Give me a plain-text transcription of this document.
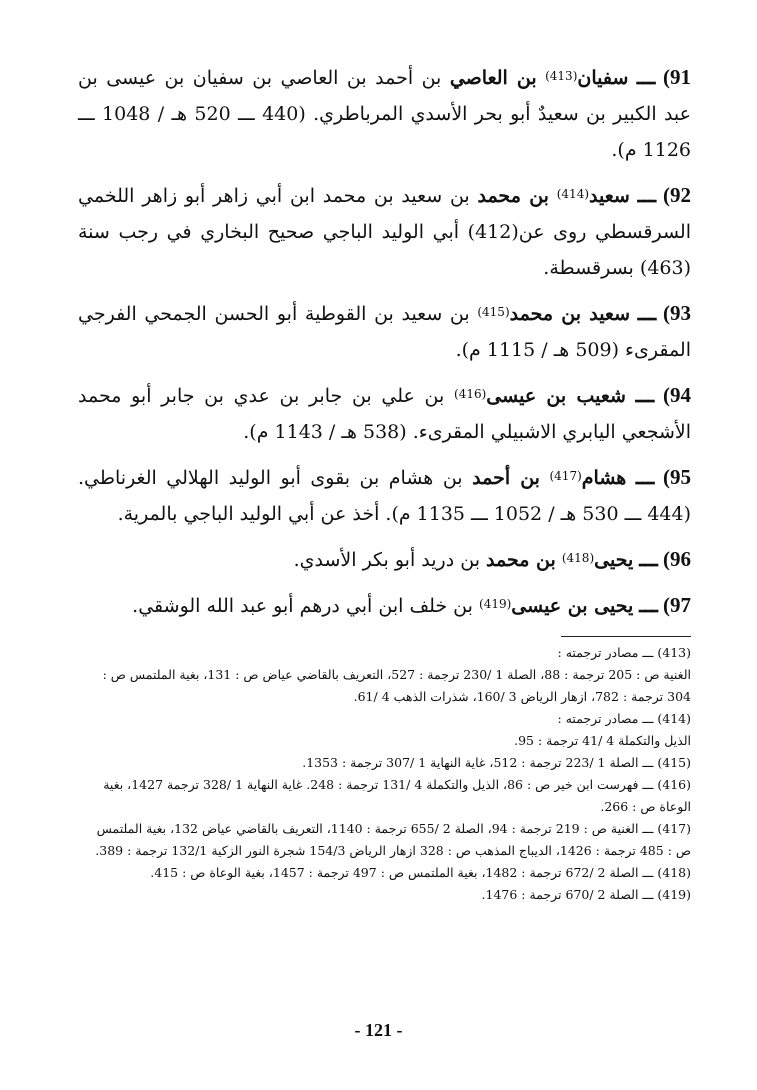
91) ـــ سفيان$^{(413)}$ بن العاصي بن أحمد بن العاصي بن سفيان بن عيسى بن عبد الكبير بن سعيدٌ أبو بحر الأسدي المرباطري. (440 ـــ 520 هـ / 1048 ـــ 1126 م).

92) ـــ سعيد$^{(414)}$ بن محمد بن سعيد بن محمد ابن أبي زاهر أبو زاهر اللخمي السرقسطي روى عن(412) أبي الوليد الباجي صحيح البخاري في رجب سنة (463) بسرقسطة.

93) ـــ سعيد بن محمد$^{(415)}$ بن سعيد بن القوطية أبو الحسن الجمحي الفرجي المقرىء (509 هـ / 1115 م).

94) ـــ شعيب بن عيسى$^{(416)}$ بن علي بن جابر بن عدي بن جابر أبو محمد الأشجعي اليابري الاشبيلي المقرىء. (538 هـ / 1143 م).

95) ـــ هشام$^{(417)}$ بن أحمد بن هشام بن بقوى أبو الوليد الهلالي الغرناطي. (444 ـــ 530 هـ / 1052 ـــ 1135 م). أخذ عن أبي الوليد الباجي بالمرية.

96) ـــ يحيى$^{(418)}$ بن محمد بن دريد أبو بكر الأسدي.

97) ـــ يحيى بن عيسى$^{(419)}$ بن خلف ابن أبي درهم أبو عبد الله الوشقي.

(413) ـــ مصادر ترجمته :

الغنية ص : 205 ترجمة : 88، الصلة 1 /230 ترجمة : 527، التعريف بالقاضي عياض ص : 131، بغية الملتمس ص : 304 ترجمة : 782، ازهار الرياض 3 /160، شذرات الذهب 4 /61.

(414) ـــ مصادر ترجمته :

الذيل والتكملة 4 /41 ترجمة : 95.

(415) ـــ الصلة 1 /223 ترجمة : 512، غاية النهاية 1 /307 ترجمة : 1353.

(416) ـــ فهرست ابن خير ص : 86، الذيل والتكملة 4 /131 ترجمة : 248. غاية النهاية 1 /328 ترجمة 1427، بغية الوعاة ص : 266.

(417) ـــ الغنية ص : 219 ترجمة : 94، الصلة 2 /655 ترجمة : 1140، التعريف بالقاضي عياض 132، بغية الملتمس ص : 485 ترجمة : 1426، الديباج المذهب ص : 328 ازهار الرياض 154/3 شجرة النور الزكية 132/1 ترجمة : 389.

(418) ـــ الصلة 2 /672 ترجمة : 1482، بغية الملتمس ص : 497 ترجمة : 1457، بغية الوعاة ص : 415.

(419) ـــ الصلة 2 /670 ترجمة : 1476.

- 121 -
